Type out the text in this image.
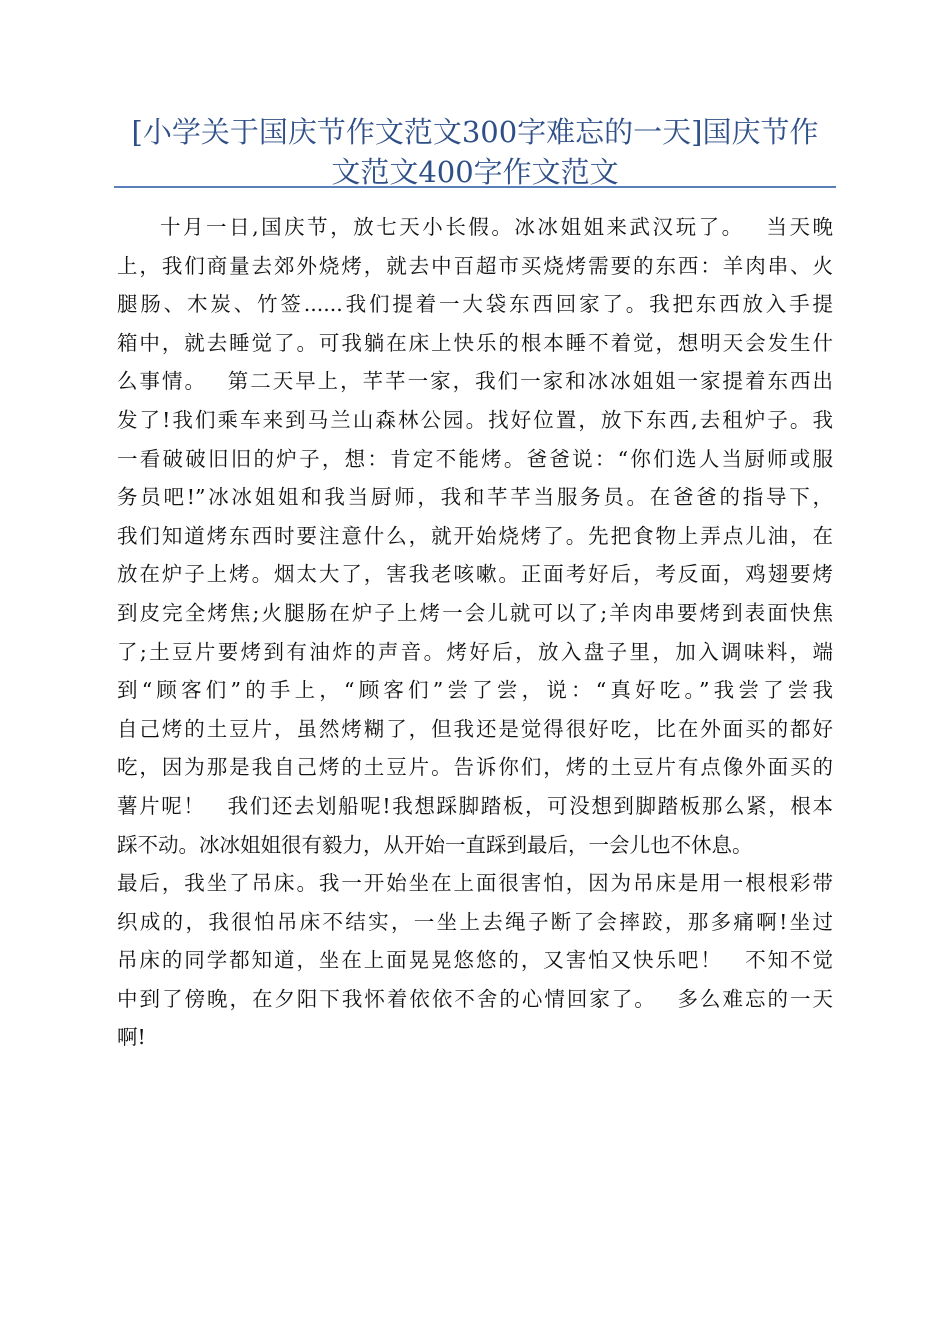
[小学关于国庆节作文范文300字难忘的一天]国庆节作
文范文400字作文范文
十月一日,国庆节，放七天小长假。冰冰姐姐来武汉玩了。　 当天晚
上，我们商量去郊外烧烤，就去中百超市买烧烤需要的东西：羊肉串、火
腿肠、木炭、竹签......我们提着一大袋东西回家了。我把东西放入手提
箱中，就去睡觉了。可我躺在床上快乐的根本睡不着觉，想明天会发生什
么事情。　 第二天早上，芊芊一家，我们一家和冰冰姐姐一家提着东西出
发了!我们乘车来到马兰山森林公园。找好位置，放下东西,去租炉子。我
一看破破旧旧的炉子，想：肯定不能烤。爸爸说：“你们选人当厨师或服
务员吧!”冰冰姐姐和我当厨师，我和芊芊当服务员。在爸爸的指导下，
我们知道烤东西时要注意什么，就开始烧烤了。先把食物上弄点儿油，在
放在炉子上烤。烟太大了，害我老咳嗽。正面考好后，考反面，鸡翅要烤
到皮完全烤焦;火腿肠在炉子上烤一会儿就可以了;羊肉串要烤到表面快焦
了;土豆片要烤到有油炸的声音。烤好后，放入盘子里，加入调味料，端
到“顾客们”的手上，“顾客们”尝了尝，说：“真好吃。”我尝了尝我
自己烤的土豆片，虽然烤糊了，但我还是觉得很好吃，比在外面买的都好
吃，因为那是我自己烤的土豆片。告诉你们，烤的土豆片有点像外面买的
薯片呢！　我们还去划船呢!我想踩脚踏板，可没想到脚踏板那么紧，根本
踩不动。冰冰姐姐很有毅力，从开始一直踩到最后，一会儿也不休息。
最后，我坐了吊床。我一开始坐在上面很害怕，因为吊床是用一根根彩带
织成的，我很怕吊床不结实，一坐上去绳子断了会摔跤，那多痛啊!坐过
吊床的同学都知道，坐在上面晃晃悠悠的，又害怕又快乐吧！　不知不觉
中到了傍晚，在夕阳下我怀着依依不舍的心情回家了。　 多么难忘的一天
啊!
